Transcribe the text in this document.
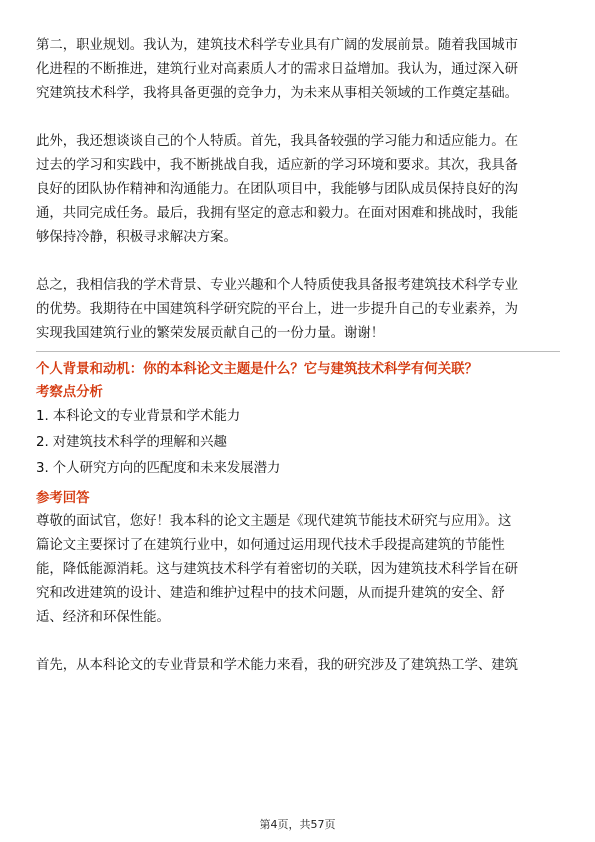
第二，职业规划。我认为，建筑技术科学专业具有广阔的发展前景。随着我国城市
化进程的不断推进，建筑行业对高素质人才的需求日益增加。我认为，通过深入研
究建筑技术科学，我将具备更强的竞争力，为未来从事相关领域的工作奠定基础。

此外，我还想谈谈自己的个人特质。首先，我具备较强的学习能力和适应能力。在
过去的学习和实践中，我不断挑战自我，适应新的学习环境和要求。其次，我具备
良好的团队协作精神和沟通能力。在团队项目中，我能够与团队成员保持良好的沟
通，共同完成任务。最后，我拥有坚定的意志和毅力。在面对困难和挑战时，我能
够保持冷静，积极寻求解决方案。

总之，我相信我的学术背景、专业兴趣和个人特质使我具备报考建筑技术科学专业
的优势。我期待在中国建筑科学研究院的平台上，进一步提升自己的专业素养，为
实现我国建筑行业的繁荣发展贡献自己的一份力量。谢谢！

个人背景和动机：你的本科论文主题是什么？它与建筑技术科学有何关联？
考察点分析
1. 本科论文的专业背景和学术能力
2. 对建筑技术科学的理解和兴趣
3. 个人研究方向的匹配度和未来发展潜力
参考回答

尊敬的面试官，您好！我本科的论文主题是《现代建筑节能技术研究与应用》。这
篇论文主要探讨了在建筑行业中，如何通过运用现代技术手段提高建筑的节能性
能，降低能源消耗。这与建筑技术科学有着密切的关联，因为建筑技术科学旨在研
究和改进建筑的设计、建造和维护过程中的技术问题，从而提升建筑的安全、舒
适、经济和环保性能。

首先，从本科论文的专业背景和学术能力来看，我的研究涉及了建筑热工学、建筑

第4页，共57页
